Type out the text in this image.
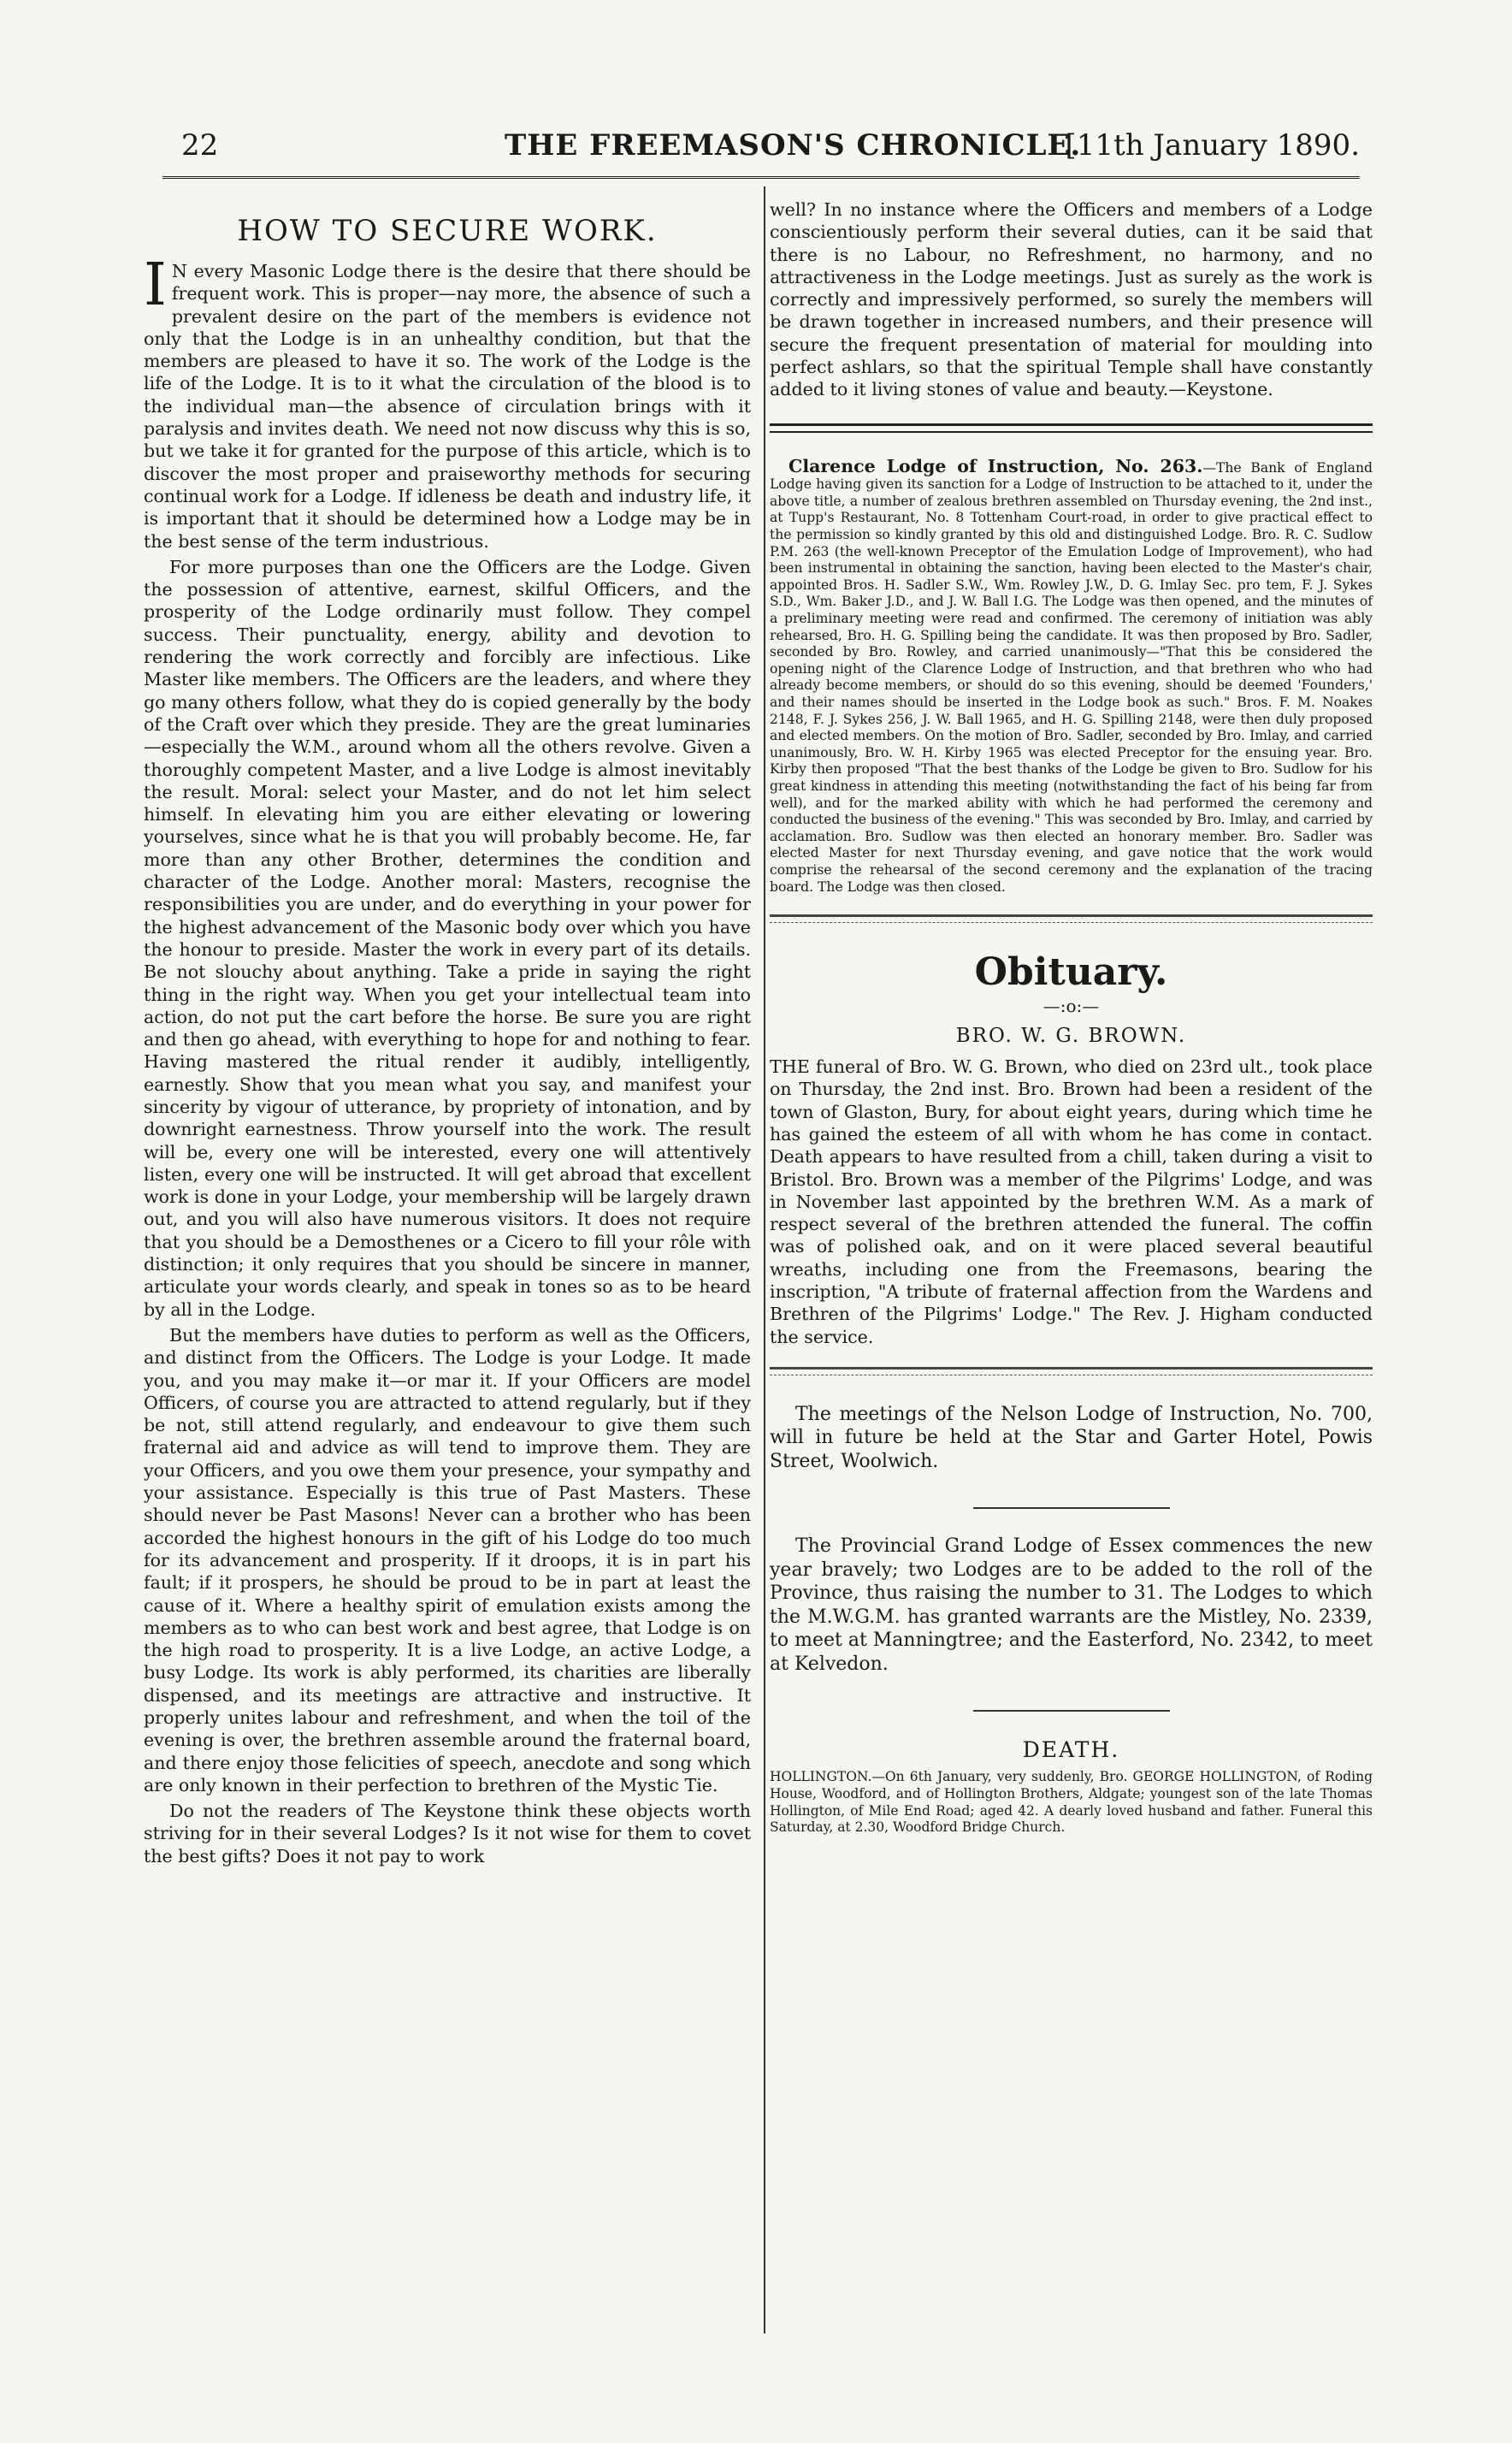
22	THE FREEMASON'S CHRONICLE.
[11th January 1890.
HOW TO SECURE WORK.

I N every Masonic Lodge there is the desire that there should be frequent work. This is proper—nay more, the absence of such a prevalent desire on the part of the members is evidence not only that the Lodge is in an unhealthy condition, but that the members are pleased to have it so. The work of the Lodge is the life of the Lodge. It is to it what the circulation of the blood is to the individual man—the absence of circulation brings with it paralysis and invites death. We need not now discuss why this is so, but we take it for granted for the purpose of this article, which is to discover the most proper and praiseworthy methods for securing continual work for a Lodge. If idleness be death and industry life, it is important that it should be determined how a Lodge may be in the best sense of the term industrious.

For more purposes than one the Officers are the Lodge. Given the possession of attentive, earnest, skilful Officers, and the prosperity of the Lodge ordinarily must follow. They compel success. Their punctuality, energy, ability and devotion to rendering the work correctly and forcibly are infectious. Like Master like members. The Officers are the leaders, and where they go many others follow, what they do is copied generally by the body of the Craft over which they preside. They are the great luminaries—especially the W.M., around whom all the others revolve. Given a thoroughly competent Master, and a live Lodge is almost inevitably the result. Moral: select your Master, and do not let him select himself. In elevating him you are either elevating or lowering yourselves, since what he is that you will probably become. He, far more than any other Brother, determines the condition and character of the Lodge. Another moral: Masters, recognise the responsibilities you are under, and do everything in your power for the highest advancement of the Masonic body over which you have the honour to preside. Master the work in every part of its details. Be not slouchy about anything. Take a pride in saying the right thing in the right way. When you get your intellectual team into action, do not put the cart before the horse. Be sure you are right and then go ahead, with everything to hope for and nothing to fear. Having mastered the ritual render it audibly, intelligently, earnestly. Show that you mean what you say, and manifest your sincerity by vigour of utterance, by propriety of intonation, and by downright earnestness. Throw yourself into the work. The result will be, every one will be interested, every one will attentively listen, every one will be instructed. It will get abroad that excellent work is done in your Lodge, your membership will be largely drawn out, and you will also have numerous visitors. It does not require that you should be a Demosthenes or a Cicero to fill your rôle with distinction; it only requires that you should be sincere in manner, articulate your words clearly, and speak in tones so as to be heard by all in the Lodge.

But the members have duties to perform as well as the Officers, and distinct from the Officers. The Lodge is your Lodge. It made you, and you may make it—or mar it. If your Officers are model Officers, of course you are attracted to attend regularly, but if they be not, still attend regularly, and endeavour to give them such fraternal aid and advice as will tend to improve them. They are your Officers, and you owe them your presence, your sympathy and your assistance. Especially is this true of Past Masters. These should never be Past Masons! Never can a brother who has been accorded the highest honours in the gift of his Lodge do too much for its advancement and prosperity. If it droops, it is in part his fault; if it prospers, he should be proud to be in part at least the cause of it. Where a healthy spirit of emulation exists among the members as to who can best work and best agree, that Lodge is on the high road to prosperity. It is a live Lodge, an active Lodge, a busy Lodge. Its work is ably performed, its charities are liberally dispensed, and its meetings are attractive and instructive. It properly unites labour and refreshment, and when the toil of the evening is over, the brethren assemble around the fraternal board, and there enjoy those felicities of speech, anecdote and song which are only known in their perfection to brethren of the Mystic Tie.

Do not the readers of The Keystone think these objects worth striving for in their several Lodges? Is it not wise for them to covet the best gifts? Does it not pay to work

well? In no instance where the Officers and members of a Lodge conscientiously perform their several duties, can it be said that there is no Labour, no Refreshment, no harmony, and no attractiveness in the Lodge meetings. Just as surely as the work is correctly and impressively performed, so surely the members will be drawn together in increased numbers, and their presence will secure the frequent presentation of material for moulding into perfect ashlars, so that the spiritual Temple shall have constantly added to it living stones of value and beauty.—Keystone.

Clarence Lodge of Instruction, No. 263.—The Bank of England Lodge having given its sanction for a Lodge of Instruction to be attached to it, under the above title, a number of zealous brethren assembled on Thursday evening, the 2nd inst., at Tupp's Restaurant, No. 8 Tottenham Court-road, in order to give practical effect to the permission so kindly granted by this old and distinguished Lodge. Bro. R. C. Sudlow P.M. 263 (the well-known Preceptor of the Emulation Lodge of Improvement), who had been instrumental in obtaining the sanction, having been elected to the Master's chair, appointed Bros. H. Sadler S.W., Wm. Rowley J.W., D. G. Imlay Sec. pro tem, F. J. Sykes S.D., Wm. Baker J.D., and J. W. Ball I.G. The Lodge was then opened, and the minutes of a preliminary meeting were read and confirmed. The ceremony of initiation was ably rehearsed, Bro. H. G. Spilling being the candidate. It was then proposed by Bro. Sadler, seconded by Bro. Rowley, and carried unanimously—"That this be considered the opening night of the Clarence Lodge of Instruction, and that brethren who who had already become members, or should do so this evening, should be deemed 'Founders,' and their names should be inserted in the Lodge book as such." Bros. F. M. Noakes 2148, F. J. Sykes 256, J. W. Ball 1965, and H. G. Spilling 2148, were then duly proposed and elected members. On the motion of Bro. Sadler, seconded by Bro. Imlay, and carried unanimously, Bro. W. H. Kirby 1965 was elected Preceptor for the ensuing year. Bro. Kirby then proposed "That the best thanks of the Lodge be given to Bro. Sudlow for his great kindness in attending this meeting (notwithstanding the fact of his being far from well), and for the marked ability with which he had performed the ceremony and conducted the business of the evening." This was seconded by Bro. Imlay, and carried by acclamation. Bro. Sudlow was then elected an honorary member. Bro. Sadler was elected Master for next Thursday evening, and gave notice that the work would comprise the rehearsal of the second ceremony and the explanation of the tracing board. The Lodge was then closed.

Obituary.
—:o:—
BRO. W. G. BROWN.

THE funeral of Bro. W. G. Brown, who died on 23rd ult., took place on Thursday, the 2nd inst. Bro. Brown had been a resident of the town of Glaston, Bury, for about eight years, during which time he has gained the esteem of all with whom he has come in contact. Death appears to have resulted from a chill, taken during a visit to Bristol. Bro. Brown was a member of the Pilgrims' Lodge, and was in November last appointed by the brethren W.M. As a mark of respect several of the brethren attended the funeral. The coffin was of polished oak, and on it were placed several beautiful wreaths, including one from the Freemasons, bearing the inscription, "A tribute of fraternal affection from the Wardens and Brethren of the Pilgrims' Lodge." The Rev. J. Higham conducted the service.

The meetings of the Nelson Lodge of Instruction, No. 700, will in future be held at the Star and Garter Hotel, Powis Street, Woolwich.

The Provincial Grand Lodge of Essex commences the new year bravely; two Lodges are to be added to the roll of the Province, thus raising the number to 31. The Lodges to which the M.W.G.M. has granted warrants are the Mistley, No. 2339, to meet at Manningtree; and the Easterford, No. 2342, to meet at Kelvedon.

DEATH.

HOLLINGTON.—On 6th January, very suddenly, Bro. GEORGE HOLLINGTON, of Roding House, Woodford, and of Hollington Brothers, Aldgate; youngest son of the late Thomas Hollington, of Mile End Road; aged 42. A dearly loved husband and father. Funeral this Saturday, at 2.30, Woodford Bridge Church.
